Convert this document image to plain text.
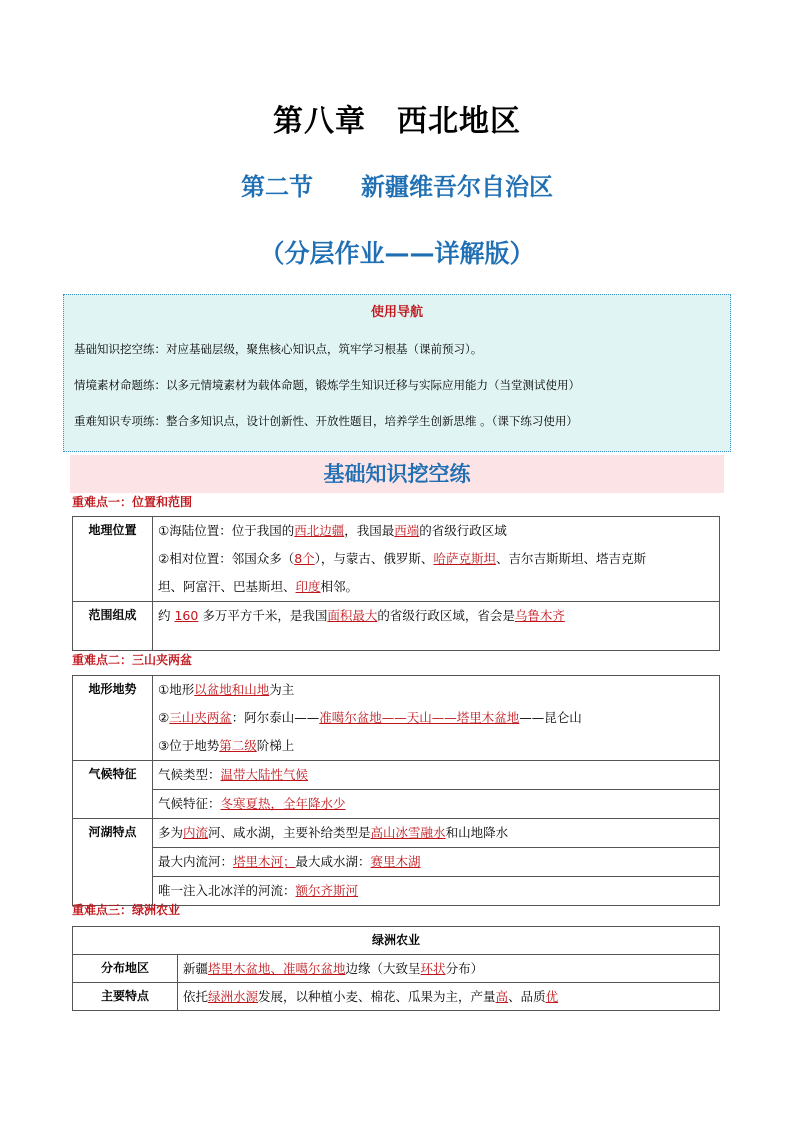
第八章　西北地区
第二节　　新疆维吾尔自治区
（分层作业——详解版）
使用导航
基础知识挖空练：对应基础层级，聚焦核心知识点，筑牢学习根基（课前预习）。
情境素材命题练：以多元情境素材为载体命题，锻炼学生知识迁移与实际应用能力（当堂测试使用）
重难知识专项练：整合多知识点，设计创新性、开放性题目，培养学生创新思维 。（课下练习使用）
基础知识挖空练
重难点一：位置和范围
地理位置	①海陆位置：位于我国的西北边疆，我国最西端的省级行政区域
②相对位置：邻国众多（8个），与蒙古、俄罗斯、哈萨克斯坦、吉尔吉斯斯坦、塔吉克斯
坦、阿富汗、巴基斯坦、印度相邻。

范围组成	约 160 多万平方千米，是我国面积最大的省级行政区域，省会是乌鲁木齐
重难点二：三山夹两盆
地形地势	①地形以盆地和山地为主
②三山夹两盆：阿尔泰山——准噶尔盆地——天山——塔里木盆地——昆仑山
③位于地势第二级阶梯上

气候特征	气候类型：温带大陆性气候
气候特征：冬寒夏热，全年降水少

河湖特点	多为内流河、咸水湖，主要补给类型是高山冰雪融水和山地降水
最大内流河：塔里木河；最大咸水湖：赛里木湖
唯一注入北冰洋的河流：额尔齐斯河
重难点三：绿洲农业
绿洲农业	
分布地区	新疆塔里木盆地、准噶尔盆地边缘（大致呈环状分布）
主要特点	依托绿洲水源发展，以种植小麦、棉花、瓜果为主，产量高、品质优
